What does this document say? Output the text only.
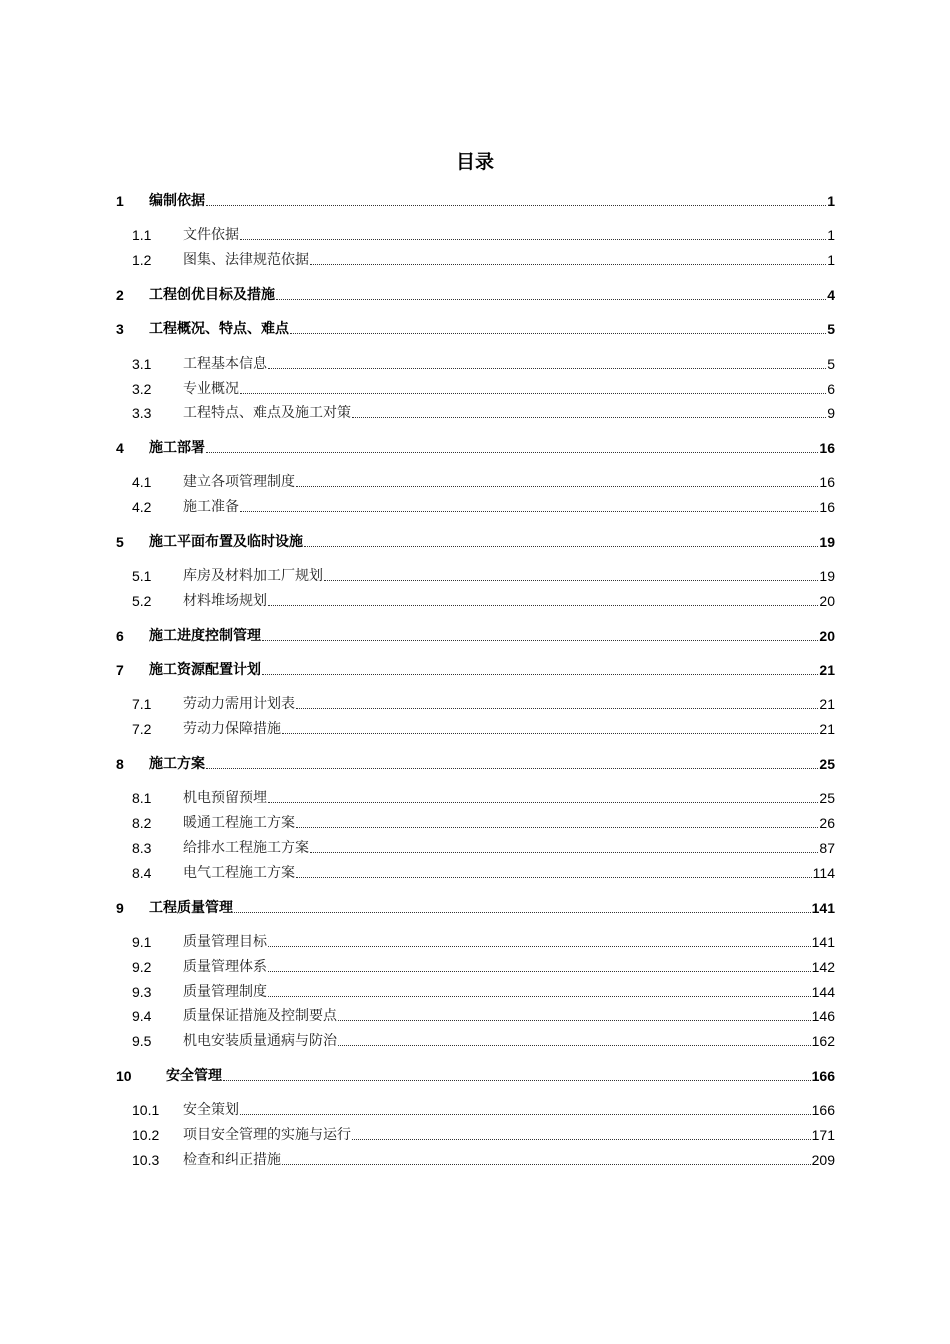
目录
1	编制依据	1
1.1	文件依据	1
1.2	图集、法律规范依据	1
2	工程创优目标及措施	4
3	工程概况、特点、难点	5
3.1	工程基本信息	5
3.2	专业概况	6
3.3	工程特点、难点及施工对策	9
4	施工部署	16
4.1	建立各项管理制度	16
4.2	施工准备	16
5	施工平面布置及临时设施	19
5.1	库房及材料加工厂规划	19
5.2	材料堆场规划	20
6	施工进度控制管理	20
7	施工资源配置计划	21
7.1	劳动力需用计划表	21
7.2	劳动力保障措施	21
8	施工方案	25
8.1	机电预留预埋	25
8.2	暖通工程施工方案	26
8.3	给排水工程施工方案	87
8.4	电气工程施工方案	114
9	工程质量管理	141
9.1	质量管理目标	141
9.2	质量管理体系	142
9.3	质量管理制度	144
9.4	质量保证措施及控制要点	146
9.5	机电安装质量通病与防治	162
10	安全管理	166
10.1	安全策划	166
10.2	项目安全管理的实施与运行	171
10.3	检查和纠正措施	209
